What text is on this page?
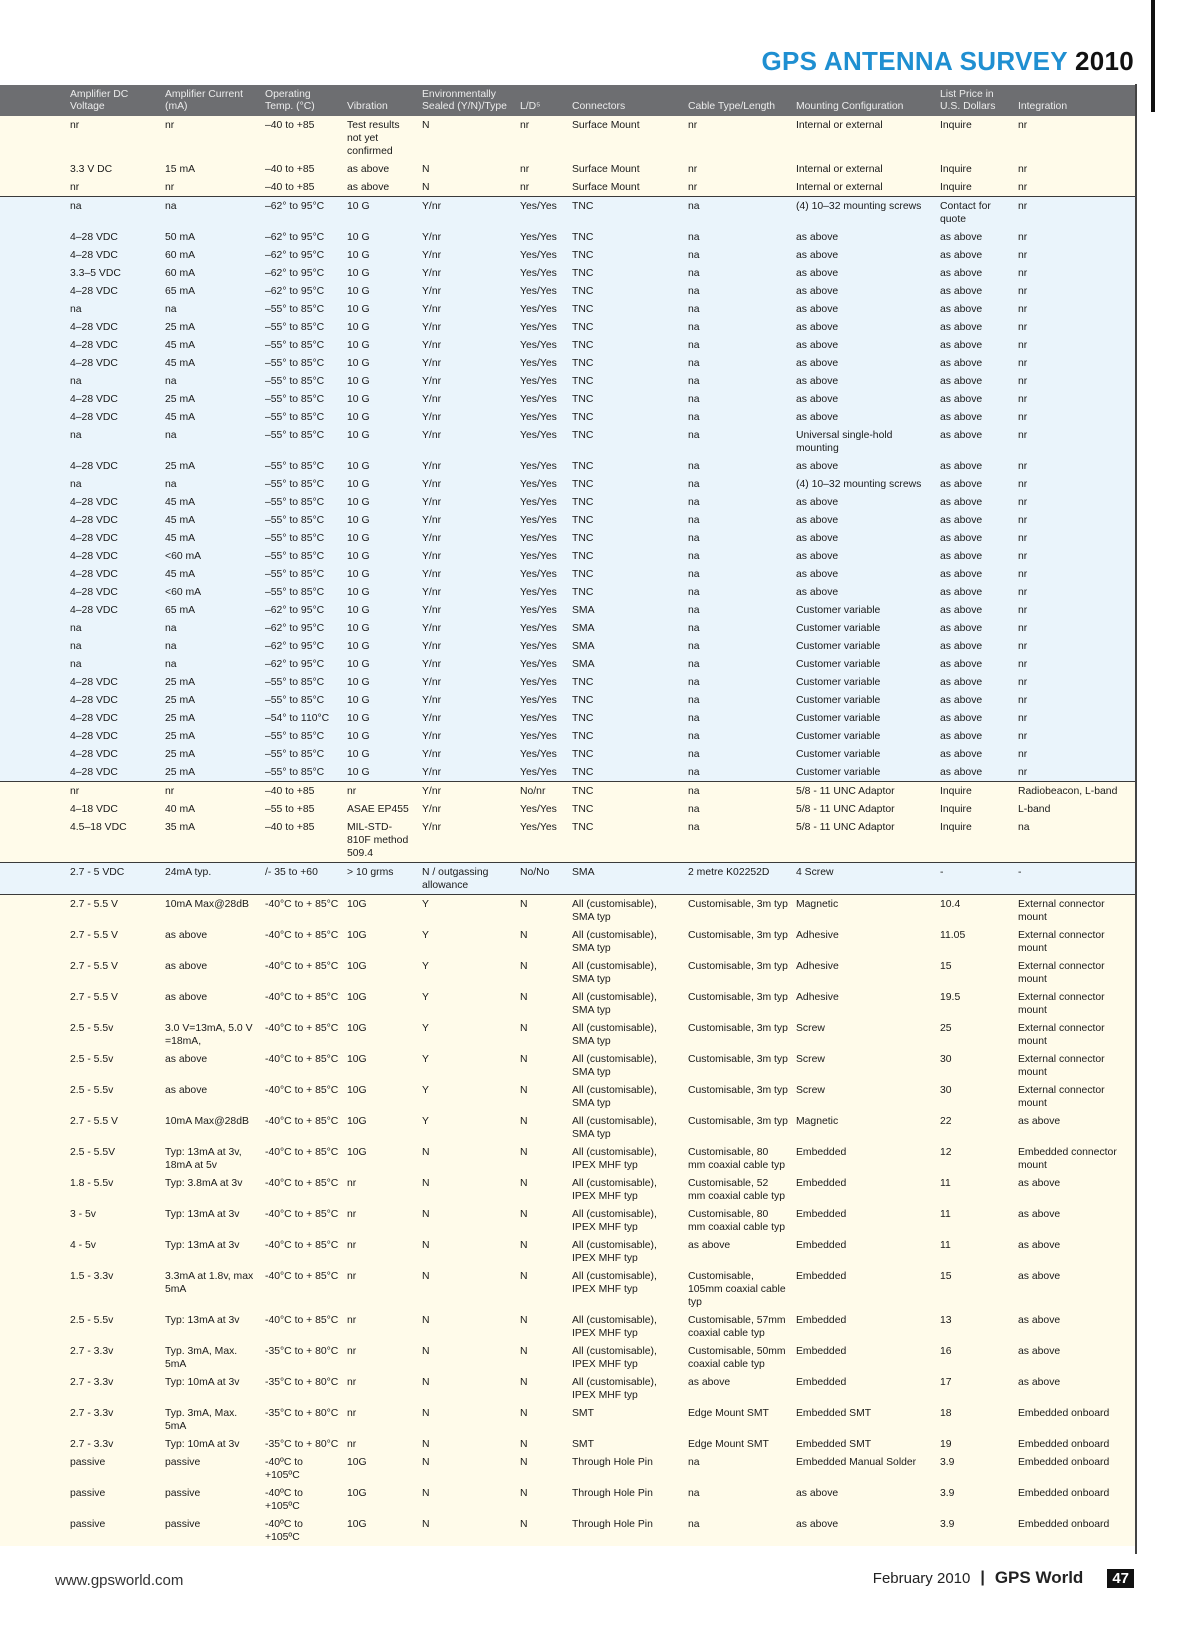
GPS ANTENNA SURVEY 2010
	Amplifier DC Voltage	Amplifier Current (mA)	Operating Temp. (°C)	Vibration	Environmentally Sealed (Y/N)/Type	L/D⁵	Connectors	Cable Type/Length	Mounting Configuration	List Price in U.S. Dollars	Integration
	nr	nr	–40 to +85	Test results not yet confirmed	N	nr	Surface Mount	nr	Internal or external	Inquire	nr
	3.3 V DC	15 mA	–40 to +85	as above	N	nr	Surface Mount	nr	Internal or external	Inquire	nr
	nr	nr	–40 to +85	as above	N	nr	Surface Mount	nr	Internal or external	Inquire	nr
	na	na	–62° to 95°C	10 G	Y/nr	Yes/Yes	TNC	na	(4) 10–32 mounting screws	Contact for quote	nr
	4–28 VDC	50 mA	–62° to 95°C	10 G	Y/nr	Yes/Yes	TNC	na	as above	as above	nr
	4–28 VDC	60 mA	–62° to 95°C	10 G	Y/nr	Yes/Yes	TNC	na	as above	as above	nr
	3.3–5 VDC	60 mA	–62° to 95°C	10 G	Y/nr	Yes/Yes	TNC	na	as above	as above	nr
	4–28 VDC	65 mA	–62° to 95°C	10 G	Y/nr	Yes/Yes	TNC	na	as above	as above	nr
	na	na	–55° to 85°C	10 G	Y/nr	Yes/Yes	TNC	na	as above	as above	nr
	4–28 VDC	25 mA	–55° to 85°C	10 G	Y/nr	Yes/Yes	TNC	na	as above	as above	nr
	4–28 VDC	45 mA	–55° to 85°C	10 G	Y/nr	Yes/Yes	TNC	na	as above	as above	nr
	4–28 VDC	45 mA	–55° to 85°C	10 G	Y/nr	Yes/Yes	TNC	na	as above	as above	nr
	na	na	–55° to 85°C	10 G	Y/nr	Yes/Yes	TNC	na	as above	as above	nr
	4–28 VDC	25 mA	–55° to 85°C	10 G	Y/nr	Yes/Yes	TNC	na	as above	as above	nr
	4–28 VDC	45 mA	–55° to 85°C	10 G	Y/nr	Yes/Yes	TNC	na	as above	as above	nr
	na	na	–55° to 85°C	10 G	Y/nr	Yes/Yes	TNC	na	Universal single-hold mounting	as above	nr
	4–28 VDC	25 mA	–55° to 85°C	10 G	Y/nr	Yes/Yes	TNC	na	as above	as above	nr
	na	na	–55° to 85°C	10 G	Y/nr	Yes/Yes	TNC	na	(4) 10–32 mounting screws	as above	nr
	4–28 VDC	45 mA	–55° to 85°C	10 G	Y/nr	Yes/Yes	TNC	na	as above	as above	nr
	4–28 VDC	45 mA	–55° to 85°C	10 G	Y/nr	Yes/Yes	TNC	na	as above	as above	nr
	4–28 VDC	45 mA	–55° to 85°C	10 G	Y/nr	Yes/Yes	TNC	na	as above	as above	nr
	4–28 VDC	<60 mA	–55° to 85°C	10 G	Y/nr	Yes/Yes	TNC	na	as above	as above	nr
	4–28 VDC	45 mA	–55° to 85°C	10 G	Y/nr	Yes/Yes	TNC	na	as above	as above	nr
	4–28 VDC	<60 mA	–55° to 85°C	10 G	Y/nr	Yes/Yes	TNC	na	as above	as above	nr
	4–28 VDC	65 mA	–62° to 95°C	10 G	Y/nr	Yes/Yes	SMA	na	Customer variable	as above	nr
	na	na	–62° to 95°C	10 G	Y/nr	Yes/Yes	SMA	na	Customer variable	as above	nr
	na	na	–62° to 95°C	10 G	Y/nr	Yes/Yes	SMA	na	Customer variable	as above	nr
	na	na	–62° to 95°C	10 G	Y/nr	Yes/Yes	SMA	na	Customer variable	as above	nr
	4–28 VDC	25 mA	–55° to 85°C	10 G	Y/nr	Yes/Yes	TNC	na	Customer variable	as above	nr
	4–28 VDC	25 mA	–55° to 85°C	10 G	Y/nr	Yes/Yes	TNC	na	Customer variable	as above	nr
	4–28 VDC	25 mA	–54° to 110°C	10 G	Y/nr	Yes/Yes	TNC	na	Customer variable	as above	nr
	4–28 VDC	25 mA	–55° to 85°C	10 G	Y/nr	Yes/Yes	TNC	na	Customer variable	as above	nr
	4–28 VDC	25 mA	–55° to 85°C	10 G	Y/nr	Yes/Yes	TNC	na	Customer variable	as above	nr
	4–28 VDC	25 mA	–55° to 85°C	10 G	Y/nr	Yes/Yes	TNC	na	Customer variable	as above	nr
	nr	nr	–40 to +85	nr	Y/nr	No/nr	TNC	na	5/8 - 11 UNC Adaptor	Inquire	Radiobeacon, L-band
	4–18 VDC	40 mA	–55 to +85	ASAE EP455	Y/nr	Yes/Yes	TNC	na	5/8 - 11 UNC Adaptor	Inquire	L-band
	4.5–18 VDC	35 mA	–40 to +85	MIL-STD-810F method 509.4	Y/nr	Yes/Yes	TNC	na	5/8 - 11 UNC Adaptor	Inquire	na
	2.7 - 5 VDC	24mA typ.	/- 35 to +60	> 10 grms	N / outgassing allowance	No/No	SMA	2 metre K02252D	4 Screw	-	-
	2.7 - 5.5 V	10mA Max@28dB	-40°C to + 85°C	10G	Y	N	All (customisable), SMA typ	Customisable, 3m typ	Magnetic	10.4	External connector mount
	2.7 - 5.5 V	as above	-40°C to + 85°C	10G	Y	N	All (customisable), SMA typ	Customisable, 3m typ	Adhesive	11.05	External connector mount
	2.7 - 5.5 V	as above	-40°C to + 85°C	10G	Y	N	All (customisable), SMA typ	Customisable, 3m typ	Adhesive	15	External connector mount
	2.7 - 5.5 V	as above	-40°C to + 85°C	10G	Y	N	All (customisable), SMA typ	Customisable, 3m typ	Adhesive	19.5	External connector mount
	2.5 - 5.5v	3.0 V=13mA, 5.0 V =18mA,	-40°C to + 85°C	10G	Y	N	All (customisable), SMA typ	Customisable, 3m typ	Screw	25	External connector mount
	2.5 - 5.5v	as above	-40°C to + 85°C	10G	Y	N	All (customisable), SMA typ	Customisable, 3m typ	Screw	30	External connector mount
	2.5 - 5.5v	as above	-40°C to + 85°C	10G	Y	N	All (customisable), SMA typ	Customisable, 3m typ	Screw	30	External connector mount
	2.7 - 5.5 V	10mA Max@28dB	-40°C to + 85°C	10G	Y	N	All (customisable), SMA typ	Customisable, 3m typ	Magnetic	22	as above
	2.5 - 5.5V	Typ: 13mA at 3v, 18mA at 5v	-40°C to + 85°C	10G	N	N	All (customisable), IPEX MHF typ	Customisable, 80 mm coaxial cable typ	Embedded	12	Embedded connector mount
	1.8 - 5.5v	Typ: 3.8mA at 3v	-40°C to + 85°C	nr	N	N	All (customisable), IPEX MHF typ	Customisable, 52 mm coaxial cable typ	Embedded	11	as above
	3 - 5v	Typ: 13mA at 3v	-40°C to + 85°C	nr	N	N	All (customisable), IPEX MHF typ	Customisable, 80 mm coaxial cable typ	Embedded	11	as above
	4 - 5v	Typ: 13mA at 3v	-40°C to + 85°C	nr	N	N	All (customisable), IPEX MHF typ	as above	Embedded	11	as above
	1.5 - 3.3v	3.3mA at 1.8v, max 5mA	-40°C to + 85°C	nr	N	N	All (customisable), IPEX MHF typ	Customisable, 105mm coaxial cable typ	Embedded	15	as above
	2.5 - 5.5v	Typ: 13mA at 3v	-40°C to + 85°C	nr	N	N	All (customisable), IPEX MHF typ	Customisable, 57mm coaxial cable typ	Embedded	13	as above
	2.7 - 3.3v	Typ. 3mA, Max. 5mA	-35°C to + 80°C	nr	N	N	All (customisable), IPEX MHF typ	Customisable, 50mm coaxial cable typ	Embedded	16	as above
	2.7 - 3.3v	Typ: 10mA at 3v	-35°C to + 80°C	nr	N	N	All (customisable), IPEX MHF typ	as above	Embedded	17	as above
	2.7 - 3.3v	Typ. 3mA, Max. 5mA	-35°C to + 80°C	nr	N	N	SMT	Edge Mount SMT	Embedded SMT	18	Embedded onboard
	2.7 - 3.3v	Typ: 10mA at 3v	-35°C to + 80°C	nr	N	N	SMT	Edge Mount SMT	Embedded SMT	19	Embedded onboard
	passive	passive	-40ºC to +105ºC	10G	N	N	Through Hole Pin	na	Embedded Manual Solder	3.9	Embedded onboard
	passive	passive	-40ºC to +105ºC	10G	N	N	Through Hole Pin	na	as above	3.9	Embedded onboard
	passive	passive	-40ºC to +105ºC	10G	N	N	Through Hole Pin	na	as above	3.9	Embedded onboard
www.gpsworld.com	February 2010 | GPS World	47
